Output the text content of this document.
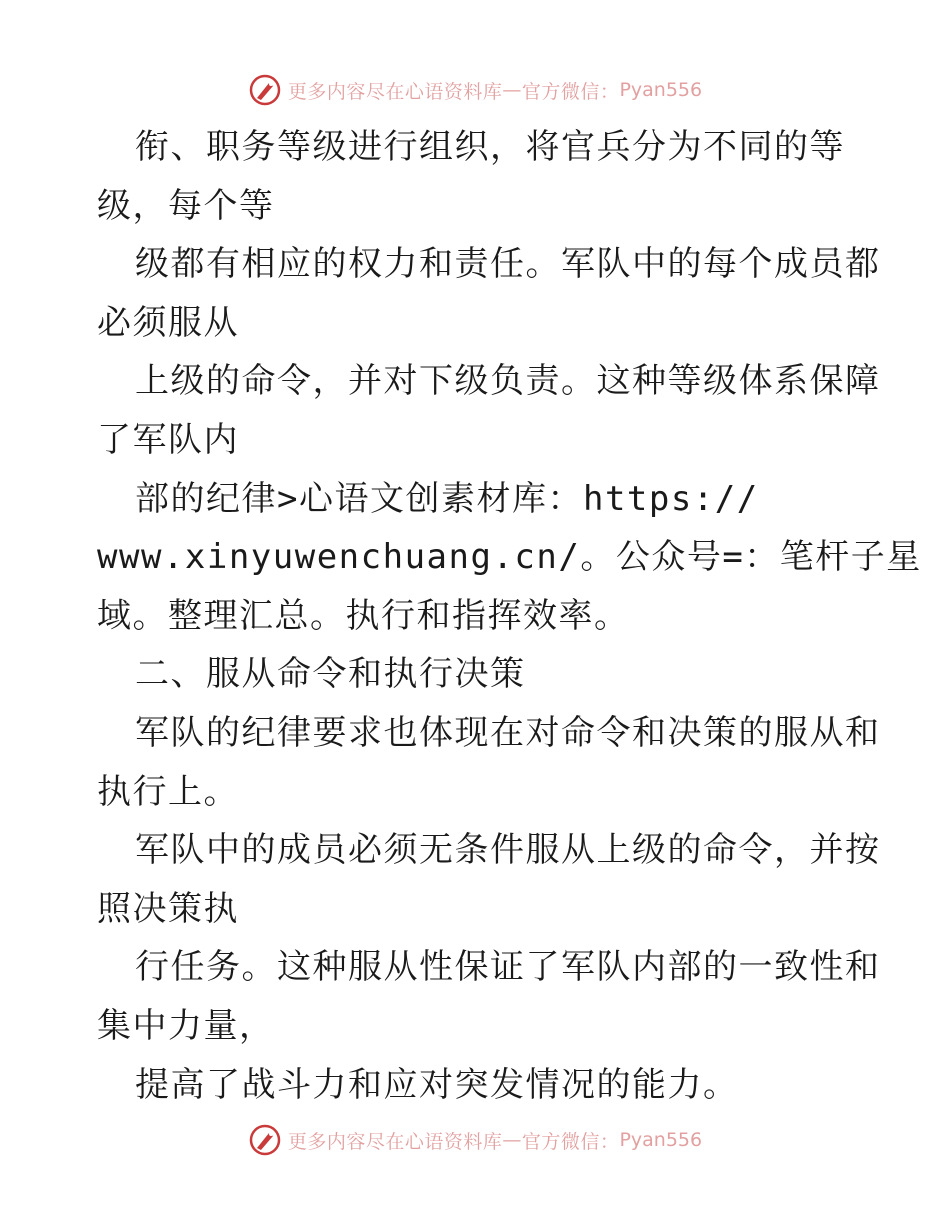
更多内容尽在心语资料库 — 官方微信： Pyan556
衔、职务等级进行组织，将官兵分为不同的等
级，每个等
级都有相应的权力和责任。军队中的每个成员都
必须服从
上级的命令，并对下级负责。这种等级体系保障
了军队内
部的纪律>心语文创素材库：https://
www.xinyuwenchuang.cn/。公众号=：笔杆子星
域。整理汇总。执行和指挥效率。
二、服从命令和执行决策
军队的纪律要求也体现在对命令和决策的服从和
执行上。
军队中的成员必须无条件服从上级的命令，并按
照决策执
行任务。这种服从性保证了军队内部的一致性和
集中力量，
提高了战斗力和应对突发情况的能力。
更多内容尽在心语资料库 — 官方微信： Pyan556
